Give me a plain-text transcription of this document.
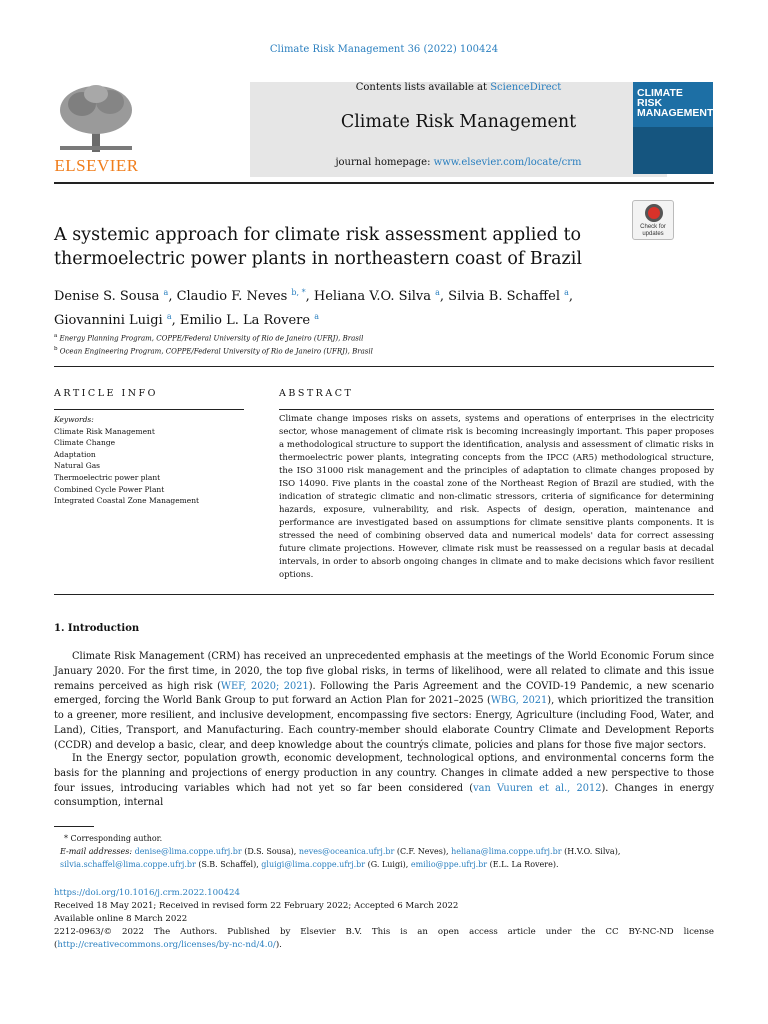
Climate Risk Management 36 (2022) 100424
ELSEVIER
Contents lists available at ScienceDirect
Climate Risk Management
journal homepage: www.elsevier.com/locate/crm
CLIMATE RISK MANAGEMENT
Check for updates
A systemic approach for climate risk assessment applied to thermoelectric power plants in northeastern coast of Brazil
Denise S. Sousa $^a$, Claudio F. Neves $^{b, *}$, Heliana V.O. Silva $^a$, Silvia B. Schaffel $^a$,
Giovannini Luigi $^a$, Emilio L. La Rovere $^a$
$^a$ Energy Planning Program, COPPE/Federal University of Rio de Janeiro (UFRJ), Brasil
$^b$ Ocean Engineering Program, COPPE/Federal University of Rio de Janeiro (UFRJ), Brasil
ARTICLE INFO	ABSTRACT
Keywords:
Climate Risk Management
Climate Change
Adaptation
Natural Gas
Thermoelectric power plant
Combined Cycle Power Plant
Integrated Coastal Zone Management
Climate change imposes risks on assets, systems and operations of enterprises in the electricity sector, whose management of climate risk is becoming increasingly important. This paper proposes a methodological structure to support the identification, analysis and assessment of climatic risks in thermoelectric power plants, integrating concepts from the IPCC (AR5) methodological structure, the ISO 31000 risk management and the principles of adaptation to climate changes proposed by ISO 14090. Five plants in the coastal zone of the Northeast Region of Brazil are studied, with the indication of strategic climatic and non-climatic stressors, criteria of significance for determining hazards, exposure, vulnerability, and risk. Aspects of design, operation, maintenance and performance are investigated based on assumptions for climate sensitive plants components. It is stressed the need of combining observed data and numerical models' data for correct assessing future climate projections. However, climate risk must be reassessed on a regular basis at decadal intervals, in order to absorb ongoing changes in climate and to make decisions which favor resilient options.
1. Introduction
Climate Risk Management (CRM) has received an unprecedented emphasis at the meetings of the World Economic Forum since January 2020. For the first time, in 2020, the top five global risks, in terms of likelihood, were all related to climate and this issue remains perceived as high risk (WEF, 2020; 2021). Following the Paris Agreement and the COVID-19 Pandemic, a new scenario emerged, forcing the World Bank Group to put forward an Action Plan for 2021–2025 (WBG, 2021), which prioritized the transition to a greener, more resilient, and inclusive development, encompassing five sectors: Energy, Agriculture (including Food, Water, and Land), Cities, Transport, and Manufacturing. Each country-member should elaborate Country Climate and Development Reports (CCDR) and develop a basic, clear, and deep knowledge about the countrýs climate, policies and plans for those five major sectors.
In the Energy sector, population growth, economic development, technological options, and environmental concerns form the basis for the planning and projections of energy production in any country. Changes in climate added a new perspective to those four issues, introducing variables which had not yet so far been considered (van Vuuren et al., 2012). Changes in energy consumption, internal
* Corresponding author.
E-mail addresses: denise@lima.coppe.ufrj.br (D.S. Sousa), neves@oceanica.ufrj.br (C.F. Neves), heliana@lima.coppe.ufrj.br (H.V.O. Silva), silvia.schaffel@lima.coppe.ufrj.br (S.B. Schaffel), gluigi@lima.coppe.ufrj.br (G. Luigi), emilio@ppe.ufrj.br (E.L. La Rovere).
https://doi.org/10.1016/j.crm.2022.100424
Received 18 May 2021; Received in revised form 22 February 2022; Accepted 6 March 2022
Available online 8 March 2022
2212-0963/© 2022 The Authors. Published by Elsevier B.V. This is an open access article under the CC BY-NC-ND license (http://creativecommons.org/licenses/by-nc-nd/4.0/).
